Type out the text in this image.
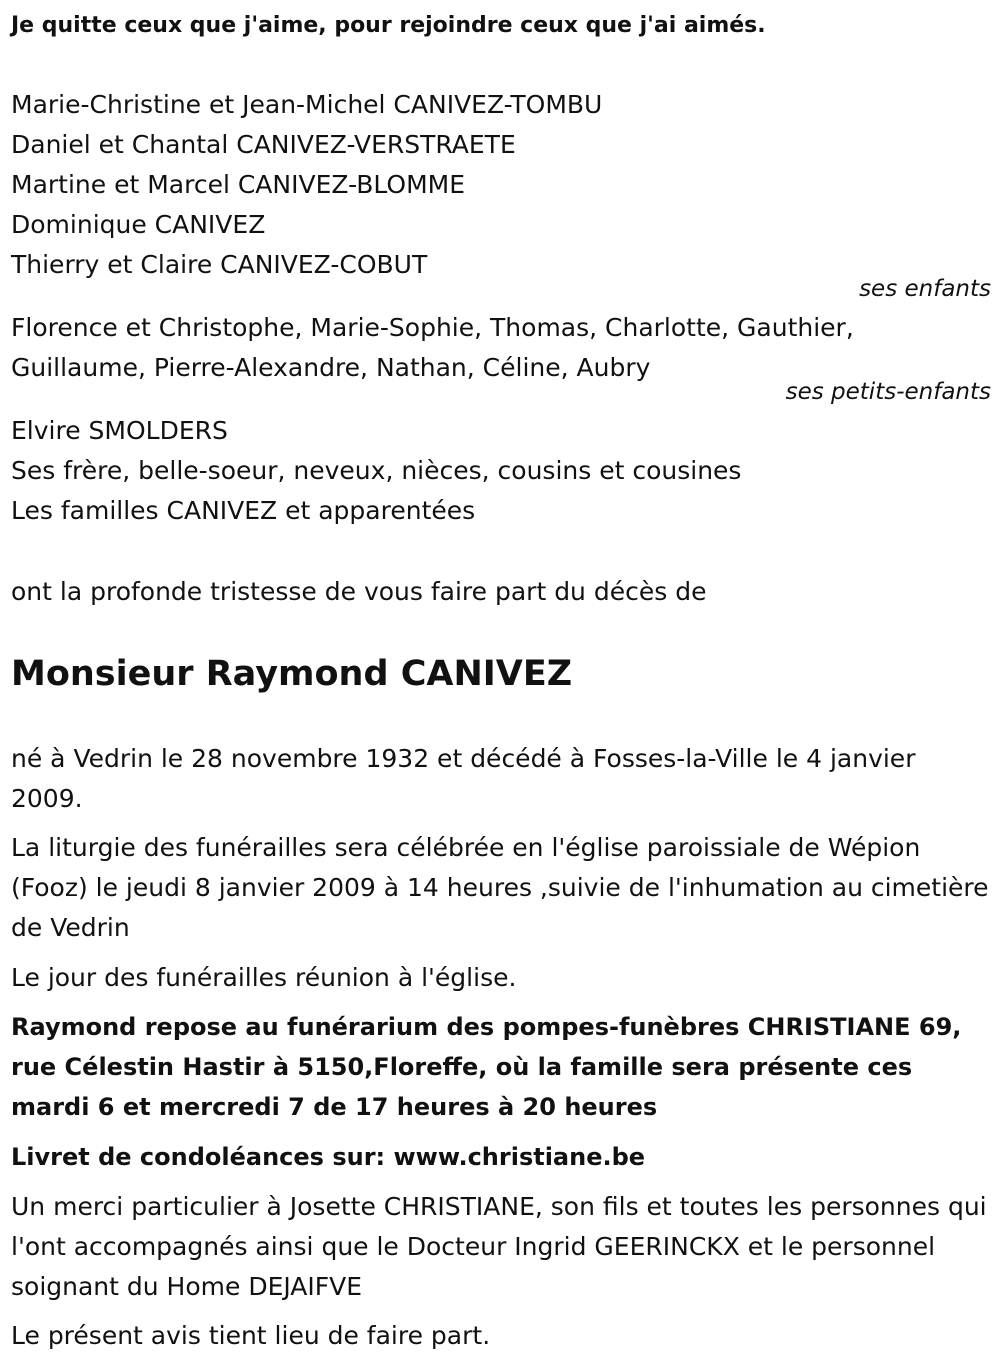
Je quitte ceux que j'aime, pour rejoindre ceux que j'ai aimés.
Marie-Christine et Jean-Michel CANIVEZ-TOMBU
Daniel et Chantal CANIVEZ-VERSTRAETE
Martine et Marcel CANIVEZ-BLOMME
Dominique CANIVEZ
Thierry et Claire CANIVEZ-COBUT
ses enfants
Florence et Christophe, Marie-Sophie, Thomas, Charlotte, Gauthier,
Guillaume, Pierre-Alexandre, Nathan, Céline, Aubry
ses petits-enfants
Elvire SMOLDERS
Ses frère, belle-soeur, neveux, nièces, cousins et cousines
Les familles CANIVEZ et apparentées
ont la profonde tristesse de vous faire part du décès de
Monsieur Raymond CANIVEZ
né à Vedrin le 28 novembre 1932 et décédé à Fosses-la-Ville le 4 janvier 2009.
La liturgie des funérailles sera célébrée en l'église paroissiale de Wépion (Fooz) le jeudi 8 janvier 2009 à 14 heures ,suivie de l'inhumation au cimetière de Vedrin
Le jour des funérailles réunion à l'église.
Raymond repose au funérarium des pompes-funèbres CHRISTIANE 69, rue Célestin Hastir à 5150,Floreffe, où la famille sera présente ces mardi 6 et mercredi 7 de 17 heures à 20 heures
Livret de condoléances sur: www.christiane.be
Un merci particulier à Josette CHRISTIANE, son fils et toutes les personnes qui l'ont accompagnés ainsi que le Docteur Ingrid GEERINCKX et le personnel soignant du Home DEJAIFVE
Le présent avis tient lieu de faire part.
